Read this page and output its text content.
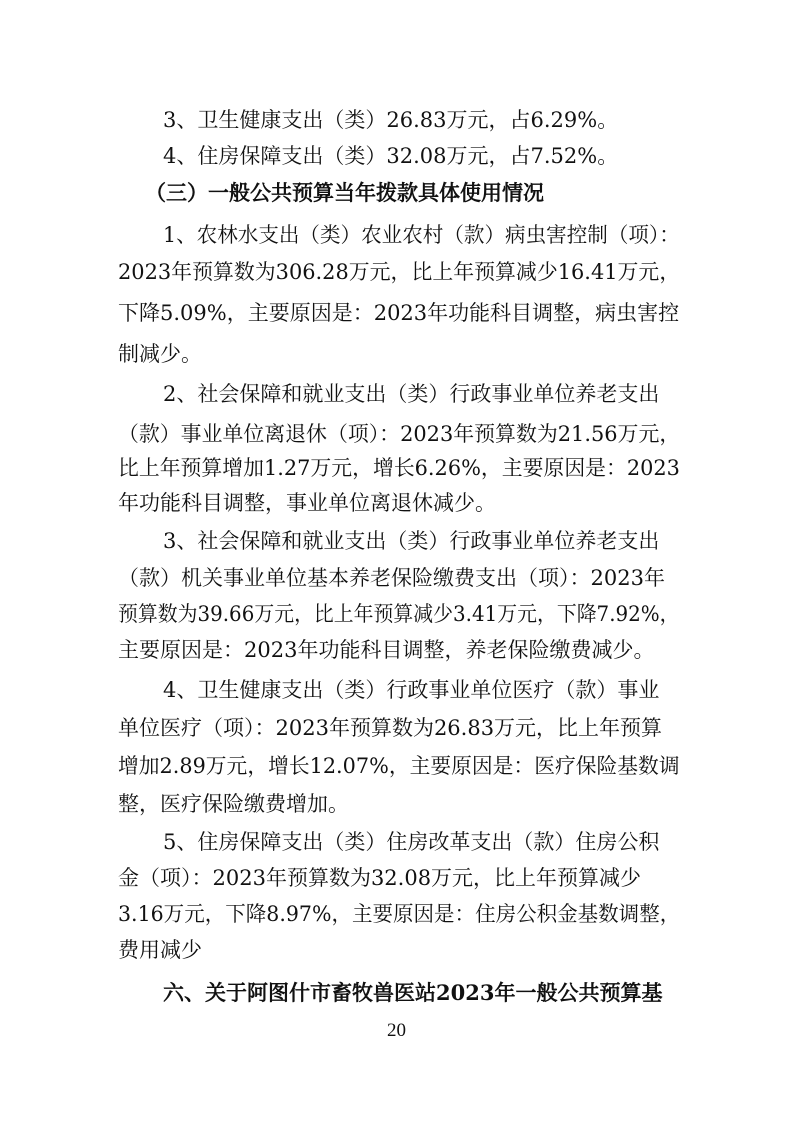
3、卫生健康支出（类）26.83万元，占6.29%。
4、住房保障支出（类）32.08万元，占7.52%。
（三）一般公共预算当年拨款具体使用情况
1、农林水支出（类）农业农村（款）病虫害控制（项）：
2023年预算数为306.28万元，比上年预算减少16.41万元，
下降5.09%，主要原因是：2023年功能科目调整，病虫害控
制减少。
2、社会保障和就业支出（类）行政事业单位养老支出
（款）事业单位离退休（项）：2023年预算数为21.56万元，
比上年预算增加1.27万元，增长6.26%，主要原因是：2023
年功能科目调整，事业单位离退休减少。
3、社会保障和就业支出（类）行政事业单位养老支出
（款）机关事业单位基本养老保险缴费支出（项）：2023年
预算数为39.66万元，比上年预算减少3.41万元，下降7.92%，
主要原因是：2023年功能科目调整，养老保险缴费减少。
4、卫生健康支出（类）行政事业单位医疗（款）事业
单位医疗（项）：2023年预算数为26.83万元，比上年预算
增加2.89万元，增长12.07%，主要原因是：医疗保险基数调
整，医疗保险缴费增加。
5、住房保障支出（类）住房改革支出（款）住房公积
金（项）：2023年预算数为32.08万元，比上年预算减少
3.16万元，下降8.97%，主要原因是：住房公积金基数调整，
费用减少
六、关于阿图什市畜牧兽医站2023年一般公共预算基
20
